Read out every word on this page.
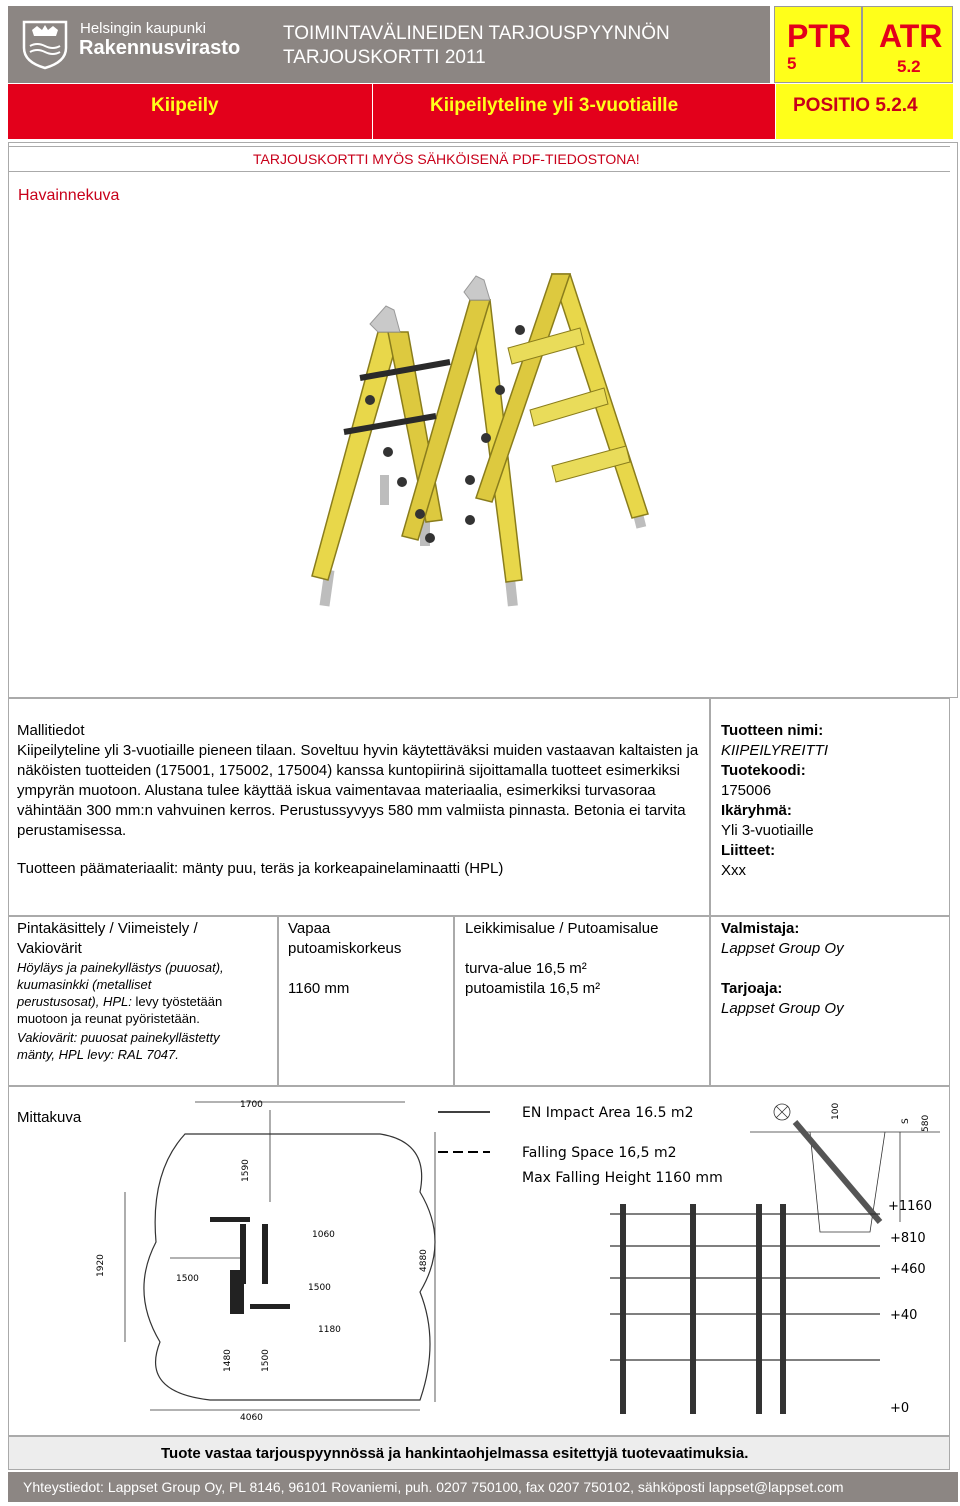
Helsingin kaupunki
Rakennusvirasto
TOIMINTAVÄLINEIDEN TARJOUSPYYNNÖN
TARJOUSKORTTI 2011
PTR
5
ATR
5.2
Kiipeily	Kiipeilyteline yli 3-vuotiaille	POSITIO 5.2.4
TARJOUSKORTTI MYÖS SÄHKÖISENÄ PDF-TIEDOSTONA!
Havainnekuva
Mallitiedot
Kiipeilyteline yli 3-vuotiaille pieneen tilaan. Soveltuu hyvin käytettäväksi muiden vastaavan kaltaisten ja näköisten tuotteiden (175001, 175002, 175004) kanssa kuntopiirinä sijoittamalla tuotteet esimerkiksi ympyrän muotoon. Alustana tulee käyttää iskua vaimentavaa materiaalia, esimerkiksi turvasoraa vähintään 300 mm:n vahvuinen kerros. Perustussyvyys 580 mm valmiista pinnasta. Betonia ei tarvita perustamisessa.
Tuotteen päämateriaalit: mänty puu, teräs ja korkeapainelaminaatti (HPL)
Tuotteen nimi:
KIIPEILYREITTI
Tuotekoodi:
175006
Ikäryhmä:
Yli 3-vuotiaille
Liitteet:
Xxx
Pintakäsittely / Viimeistely /
Vakiovärit
Höyläys ja painekyllästys (puuosat),
kuumasinkki (metalliset
perustusosat), HPL: levy työstetään
muotoon ja reunat pyöristetään.
Vakiovärit: puuosat painekyllästetty
mänty, HPL levy: RAL 7047.
Vapaa
putoamiskorkeus
1160 mm
Leikkimisalue / Putoamisalue
turva-alue 16,5 m²
putoamistila 16,5 m²
Valmistaja:
Lappset Group Oy
Tarjoaja:
Lappset Group Oy
Mittakuva
1700
1590
1920
1500
1060
1500
1180
1480	1500
4880
4060
EN Impact Area 16.5 m2
Falling Space 16,5 m2
Max Falling Height 1160 mm
100
S 580
+1160
+810
+460
+40
+0
Tuote vastaa tarjouspyynnössä ja hankintaohjelmassa esitettyjä tuotevaatimuksia.
Yhteystiedot: Lappset Group Oy, PL 8146, 96101 Rovaniemi, puh. 0207 750100, fax 0207 750102, sähköposti lappset@lappset.com
